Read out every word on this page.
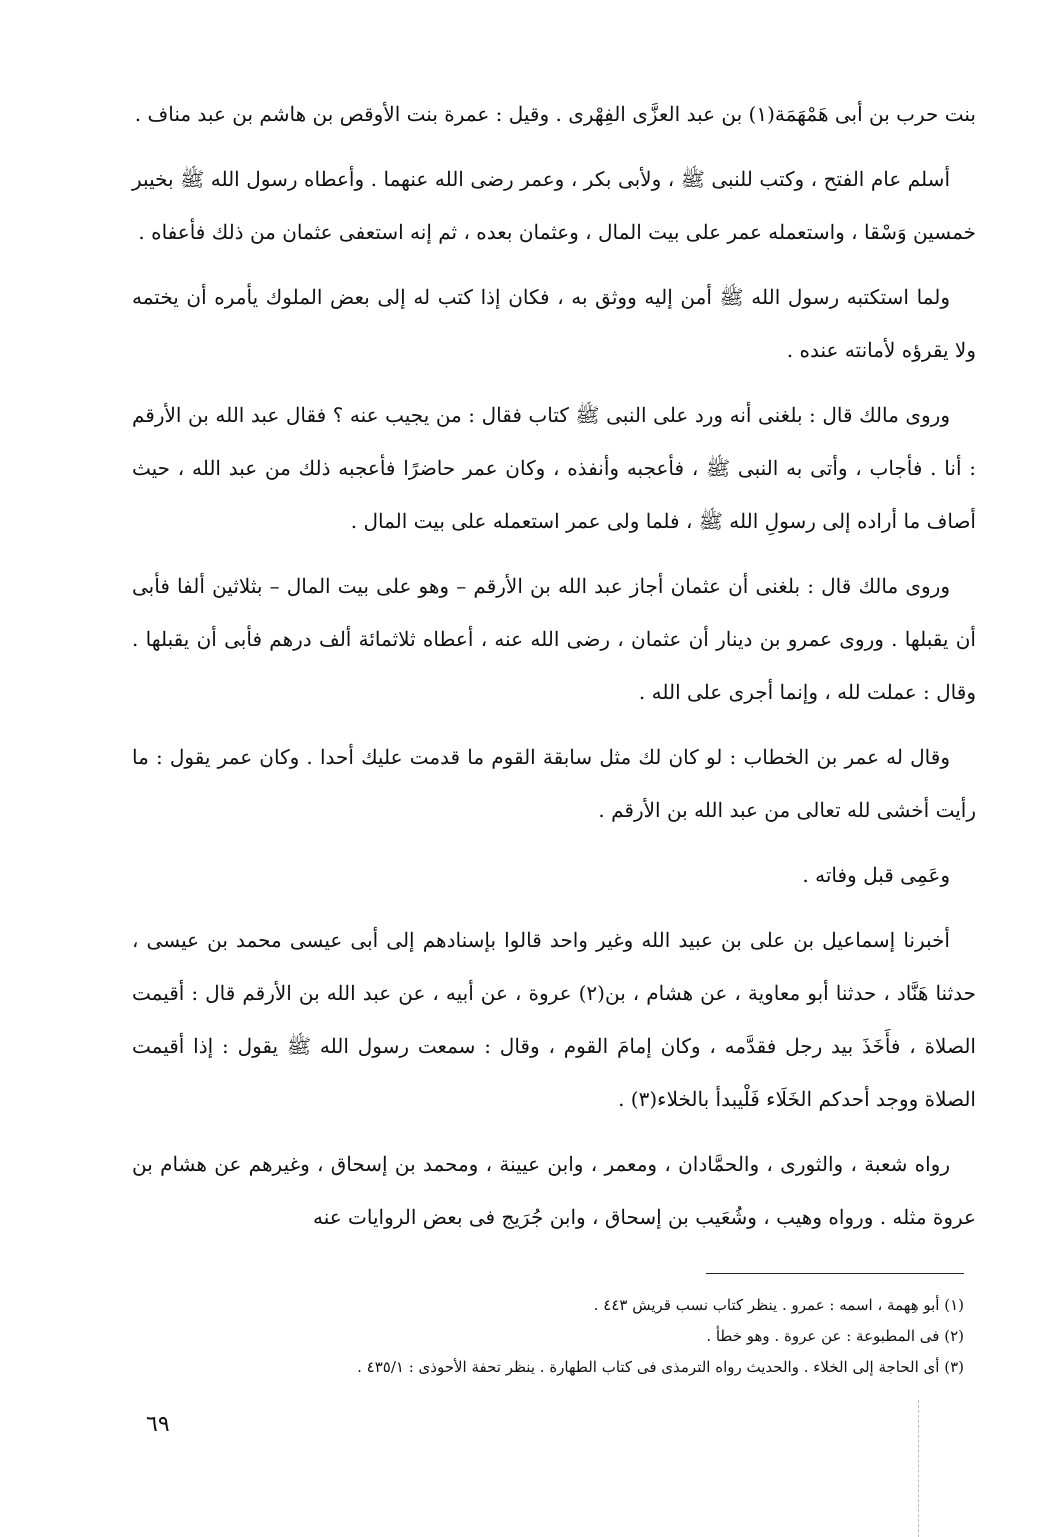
بنت حرب بن أبى هَمْهَمَة(١) بن عبد العزَّى الفِهْرى . وقيل : عمرة بنت الأوقص بن هاشم بن عبد مناف .

أسلم عام الفتح ، وكتب للنبى ﷺ ، ولأبى بكر ، وعمر رضى الله عنهما . وأعطاه رسول الله ﷺ بخيبر خمسين وَسْقا ، واستعمله عمر على بيت المال ، وعثمان بعده ، ثم إنه استعفى عثمان من ذلك فأعفاه .

ولما استكتبه رسول الله ﷺ أمن إليه ووثق به ، فكان إذا كتب له إلى بعض الملوك يأمره أن يختمه ولا يقرؤه لأمانته عنده .

وروى مالك قال : بلغنى أنه ورد على النبى ﷺ كتاب فقال : من يجيب عنه ؟ فقال عبد الله بن الأرقم : أنا . فأجاب ، وأتى به النبى ﷺ ، فأعجبه وأنفذه ، وكان عمر حاضرًا فأعجبه ذلك من عبد الله ، حيث أصاف ما أراده إلى رسولِ الله ﷺ ، فلما ولى عمر استعمله على بيت المال .

وروى مالك قال : بلغنى أن عثمان أجاز عبد الله بن الأرقم – وهو على بيت المال – بثلاثين ألفا فأبى أن يقبلها . وروى عمرو بن دينار أن عثمان ، رضى الله عنه ، أعطاه ثلاثمائة ألف درهم فأبى أن يقبلها . وقال : عملت لله ، وإنما أجرى على الله .

وقال له عمر بن الخطاب : لو كان لك مثل سابقة القوم ما قدمت عليك أحدا . وكان عمر يقول : ما رأيت أخشى لله تعالى من عبد الله بن الأرقم .

وعَمِى قبل وفاته .

أخبرنا إسماعيل بن على بن عبيد الله وغير واحد قالوا بإسنادهم إلى أبى عيسى محمد بن عيسى ، حدثنا هَنَّاد ، حدثنا أبو معاوية ، عن هشام ، بن(٢) عروة ، عن أبيه ، عن عبد الله بن الأرقم قال : أقيمت الصلاة ، فأَخَذَ بيد رجل فقدَّمه ، وكان إمامَ القوم ، وقال : سمعت رسول الله ﷺ يقول : إذا أقيمت الصلاة ووجد أحدكم الخَلَاء فَلْيبدأ بالخلاء(٣) .

رواه شعبة ، والثورى ، والحمَّادان ، ومعمر ، وابن عيينة ، ومحمد بن إسحاق ، وغيرهم عن هشام بن عروة مثله . ورواه وهيب ، وشُعَيب بن إسحاق ، وابن جُرَيج فى بعض الروايات عنه

(١) أبو هِهمة ، اسمه : عمرو . ينظر كتاب نسب قريش ٤٤٣ .

(٢) فى المطبوعة : عن عروة . وهو خطأ .

(٣) أى الحاجة إلى الخلاء . والحديث رواه الترمذى فى كتاب الطهارة . ينظر تحفة الأحوذى : ٤٣٥/١ .

٦٩
